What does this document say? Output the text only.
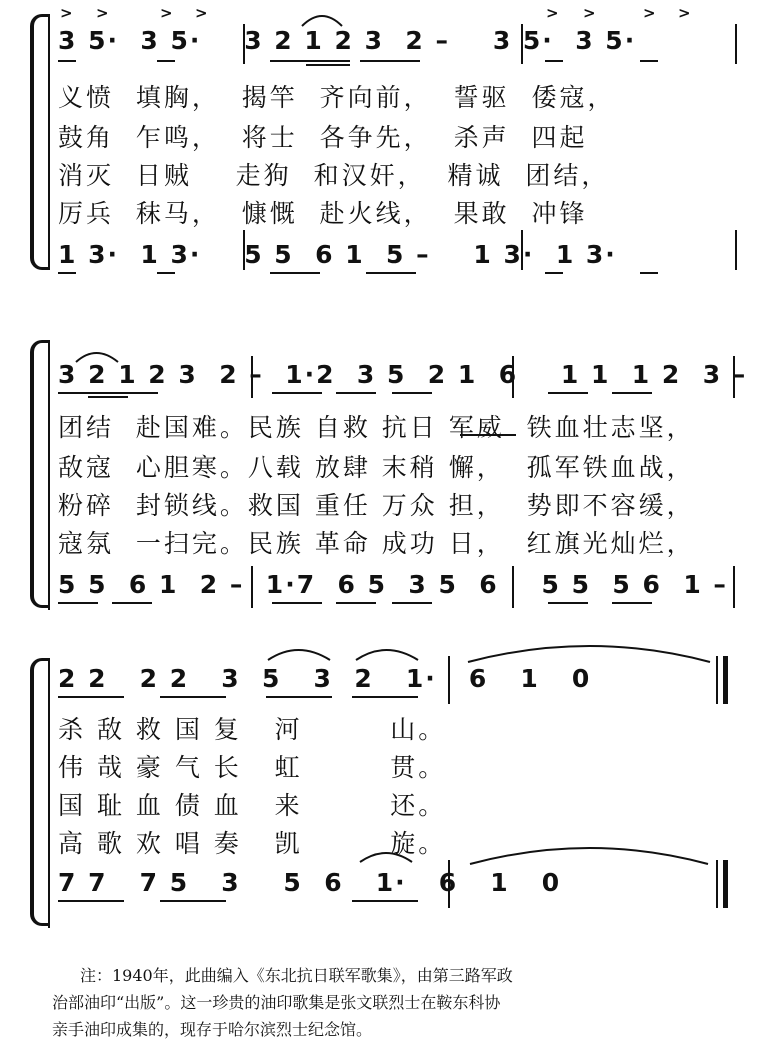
> >	> >	> >	> >
3 5·  3 5·    3 2 1 2 3  2 –    3 5·  3 5·
义愤  填胸，  揭竿  齐向前，  誓驱  倭寇，
鼓角  乍鸣，  将士  各争先，  杀声  四起
消灭  日贼    走狗  和汉奸，  精诚  团结，
厉兵  秣马，  慷慨  赴火线，  果敢  冲锋
1 3·  1 3·    5 5  6 1  5 –    1 3·  1 3·
3 2 1 2 3  2 –  1·2  3 5  2 1  6    1 1  1 2  3 –
团结  赴国难。民族 自救 抗日 军威  铁血壮志坚，
敌寇  心胆寒。八载 放肆 末稍 懈，  孤军铁血战，
粉碎  封锁线。救国 重任 万众 担，  势即不容缓，
寇氛  一扫完。民族 革命 成功 日，  红旗光灿烂，
5 5  6 1  2 –  1·7  6 5  3 5  6    5 5  5 6  1 –
2 2   2 2   3  5   3  2   1·   6   1   0
杀 敌 救 国 复   河        山。
伟 哉 豪 气 长   虹        贯。
国 耻 血 债 血   来        还。
高 歌 欢 唱 奏   凯        旋。
7 7   7 5   3    5  6   1·   6   1   0
注：1940年，此曲编入《东北抗日联军歌集》，由第三路军政
治部油印“出版”。这一珍贵的油印歌集是张文联烈士在鞍东科协
亲手油印成集的，现存于哈尔滨烈士纪念馆。
